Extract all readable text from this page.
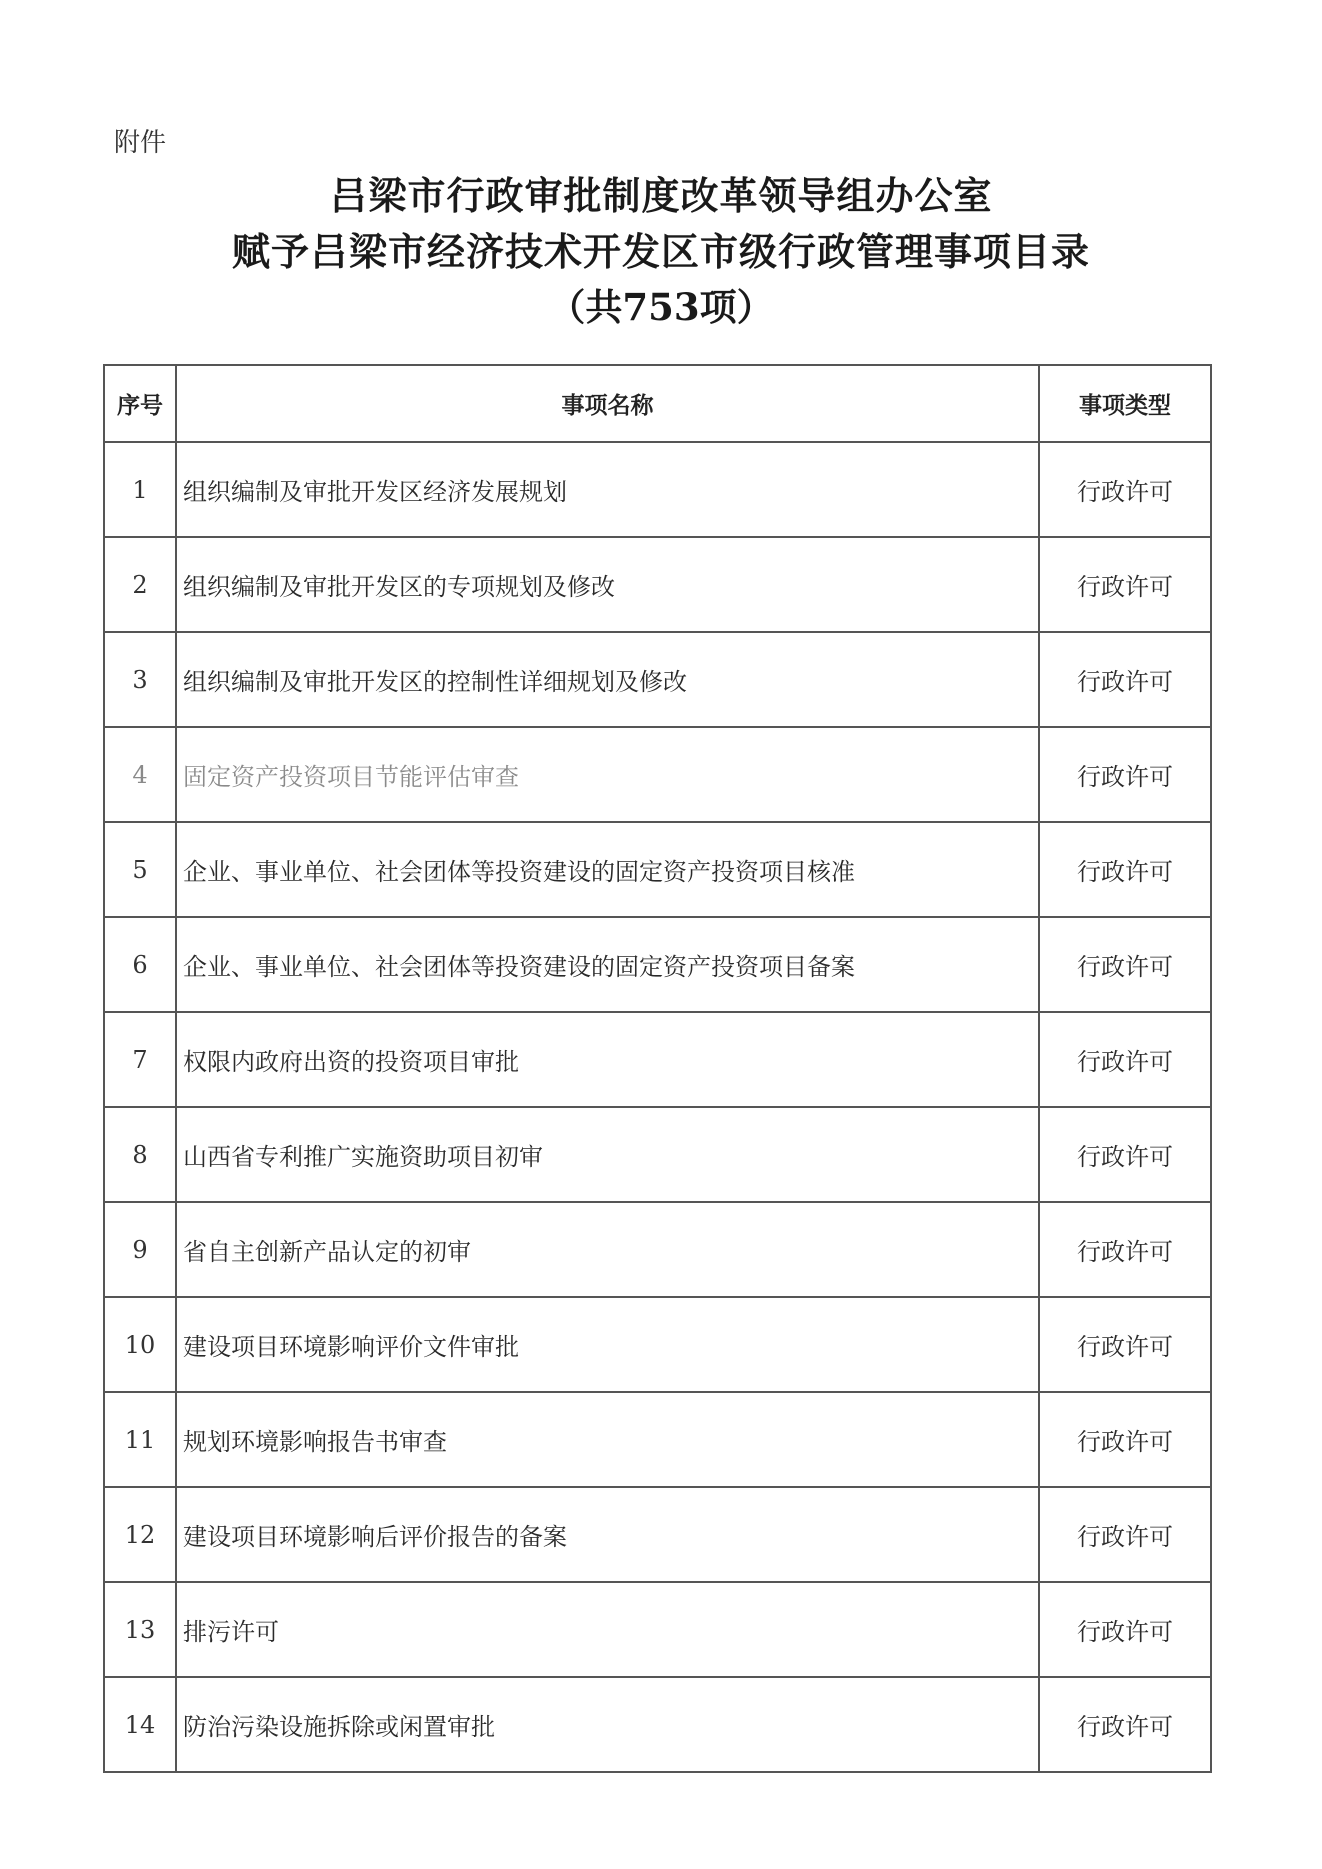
附件
吕梁市行政审批制度改革领导组办公室
赋予吕梁市经济技术开发区市级行政管理事项目录
（共753项）
序号	事项名称	事项类型
1	组织编制及审批开发区经济发展规划	行政许可
2	组织编制及审批开发区的专项规划及修改	行政许可
3	组织编制及审批开发区的控制性详细规划及修改	行政许可
4	固定资产投资项目节能评估审查	行政许可
5	企业、事业单位、社会团体等投资建设的固定资产投资项目核准	行政许可
6	企业、事业单位、社会团体等投资建设的固定资产投资项目备案	行政许可
7	权限内政府出资的投资项目审批	行政许可
8	山西省专利推广实施资助项目初审	行政许可
9	省自主创新产品认定的初审	行政许可
10	建设项目环境影响评价文件审批	行政许可
11	规划环境影响报告书审查	行政许可
12	建设项目环境影响后评价报告的备案	行政许可
13	排污许可	行政许可
14	防治污染设施拆除或闲置审批	行政许可
